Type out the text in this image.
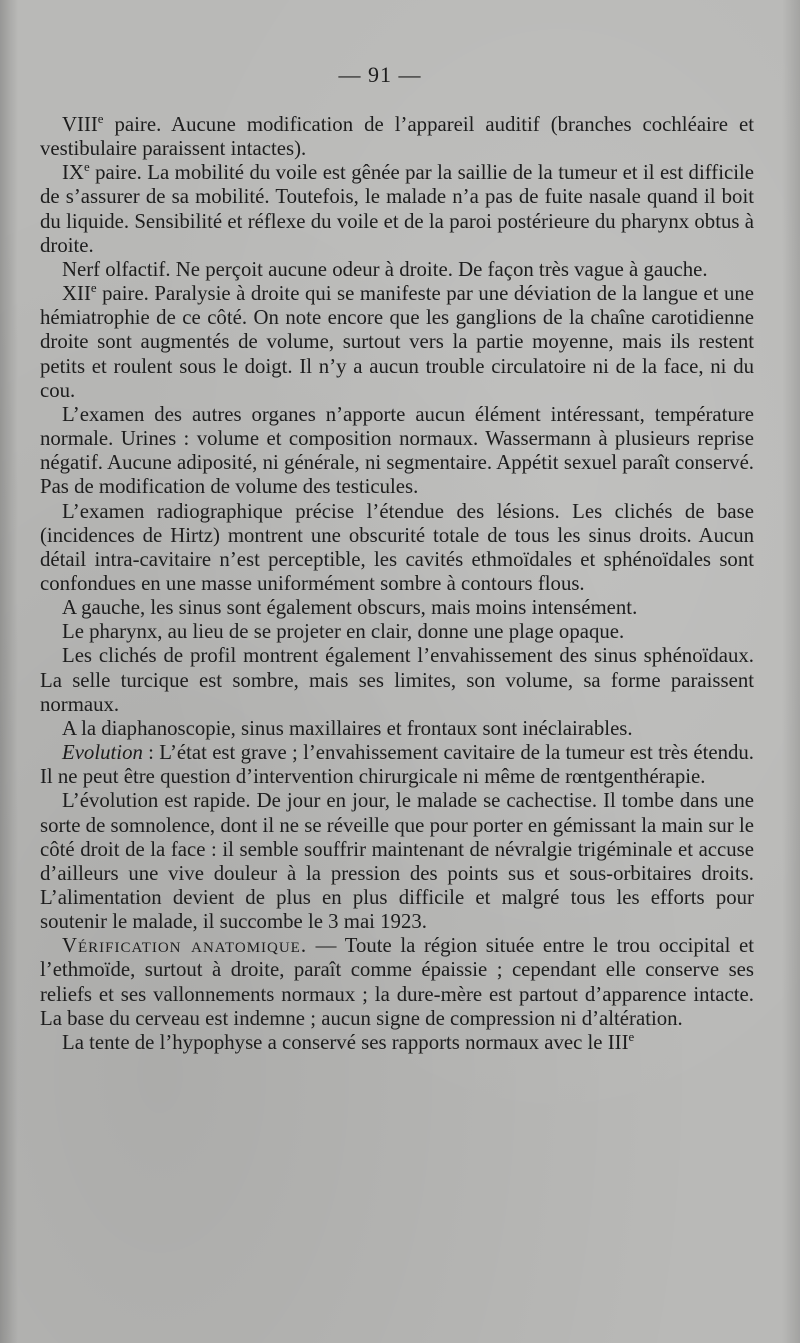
— 91 —

VIIIe paire. Aucune modification de l’appareil auditif (branches cochléaire et vestibulaire paraissent intactes).

IXe paire. La mobilité du voile est gênée par la saillie de la tumeur et il est difficile de s’assurer de sa mobilité. Toutefois, le malade n’a pas de fuite nasale quand il boit du liquide. Sensibilité et réflexe du voile et de la paroi postérieure du pharynx obtus à droite.

Nerf olfactif. Ne perçoit aucune odeur à droite. De façon très vague à gauche.

XIIe paire. Paralysie à droite qui se manifeste par une déviation de la langue et une hémiatrophie de ce côté. On note encore que les ganglions de la chaîne carotidienne droite sont augmentés de volume, surtout vers la partie moyenne, mais ils restent petits et roulent sous le doigt. Il n’y a aucun trouble circulatoire ni de la face, ni du cou.

L’examen des autres organes n’apporte aucun élément intéressant, température normale. Urines : volume et composition normaux. Wassermann à plusieurs reprise négatif. Aucune adiposité, ni générale, ni segmentaire. Appétit sexuel paraît conservé. Pas de modification de volume des testicules.

L’examen radiographique précise l’étendue des lésions. Les clichés de base (incidences de Hirtz) montrent une obscurité totale de tous les sinus droits. Aucun détail intra-cavitaire n’est perceptible, les cavités ethmoïdales et sphénoïdales sont confondues en une masse uniformément sombre à contours flous.

A gauche, les sinus sont également obscurs, mais moins intensément.

Le pharynx, au lieu de se projeter en clair, donne une plage opaque.

Les clichés de profil montrent également l’envahissement des sinus sphénoïdaux. La selle turcique est sombre, mais ses limites, son volume, sa forme paraissent normaux.

A la diaphanoscopie, sinus maxillaires et frontaux sont inéclairables.

Evolution : L’état est grave ; l’envahissement cavitaire de la tumeur est très étendu. Il ne peut être question d’intervention chirurgicale ni même de rœntgenthérapie.

L’évolution est rapide. De jour en jour, le malade se cachectise. Il tombe dans une sorte de somnolence, dont il ne se réveille que pour porter en gémissant la main sur le côté droit de la face : il semble souffrir maintenant de névralgie trigéminale et accuse d’ailleurs une vive douleur à la pression des points sus et sous-orbitaires droits. L’alimentation devient de plus en plus difficile et malgré tous les efforts pour soutenir le malade, il succombe le 3 mai 1923.

Vérification anatomique. — Toute la région située entre le trou occipital et l’ethmoïde, surtout à droite, paraît comme épaissie ; cependant elle conserve ses reliefs et ses vallonnements normaux ; la dure-mère est partout d’apparence intacte. La base du cerveau est indemne ; aucun signe de compression ni d’altération.

La tente de l’hypophyse a conservé ses rapports normaux avec le IIIe
